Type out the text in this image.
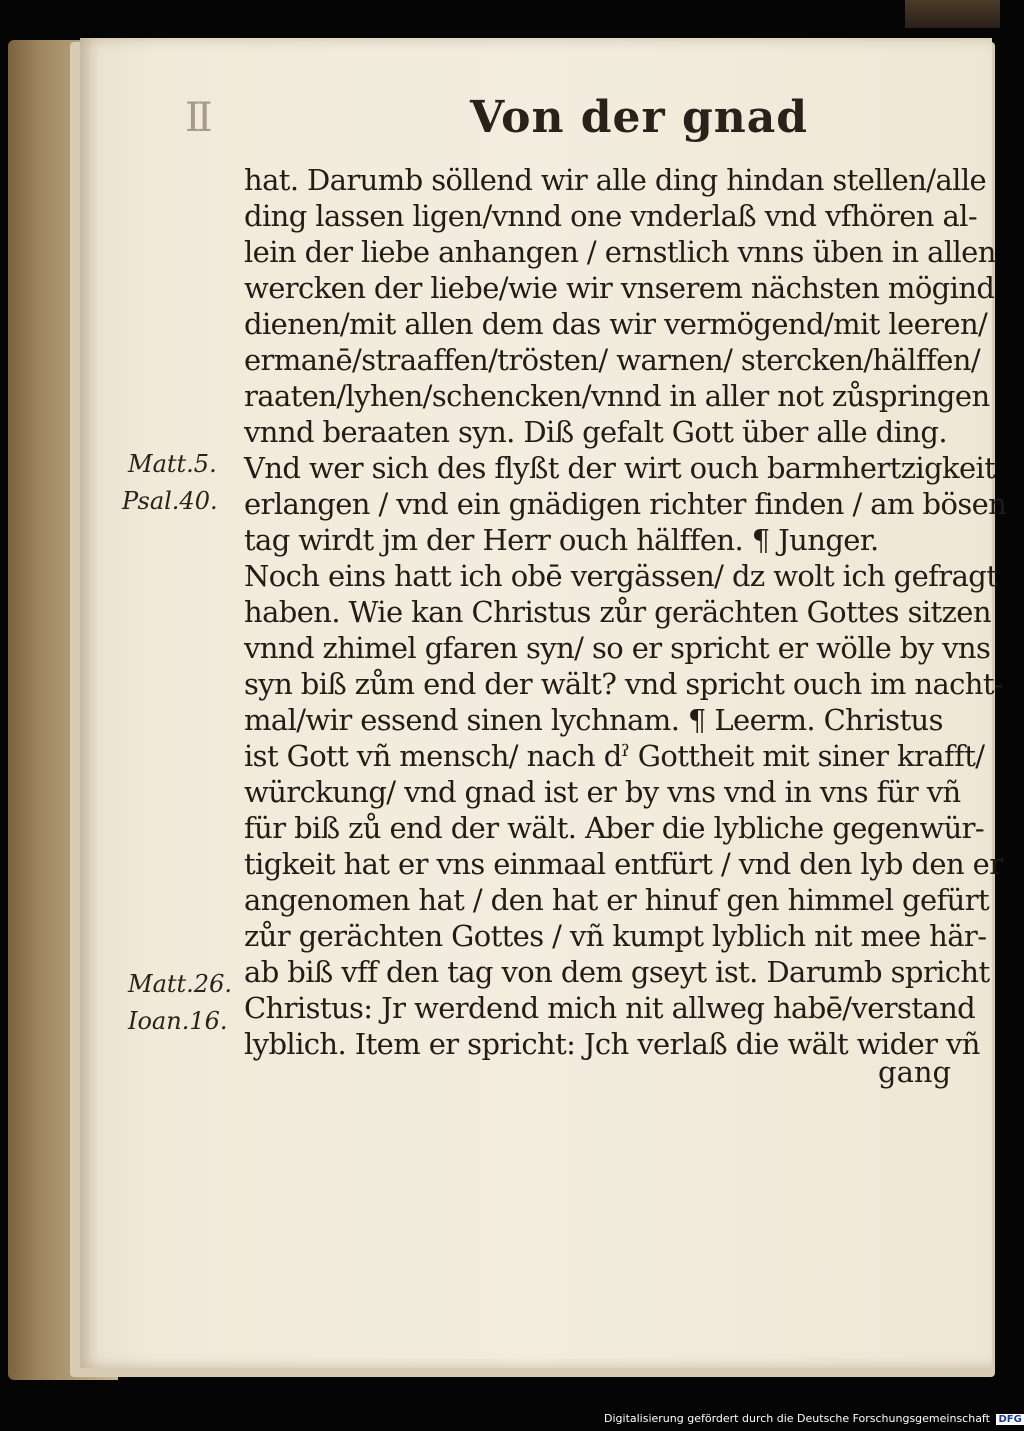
II	Von der gnad
hat. Darumb söllend wir alle ding hindan stellen/alle
ding lassen ligen/vnnd one vnderlaß vnd vfhören al-
lein der liebe anhangen / ernstlich vnns üben in allen
wercken der liebe/wie wir vnserem nächsten mögind
dienen/mit allen dem das wir vermögend/mit leeren/
ermanē/straaffen/trösten/ warnen/ stercken/hälffen/
raaten/lyhen/schencken/vnnd in aller not zůspringen
vnnd beraaten syn. Diß gefalt Gott über alle ding.
Vnd wer sich des flyßt der wirt ouch barmhertzigkeit
erlangen / vnd ein gnädigen richter finden / am bösen
tag wirdt jm der Herr ouch hälffen. ¶ Junger.
Noch eins hatt ich obē vergässen/ dz wolt ich gefragt
haben. Wie kan Christus zůr gerächten Gottes sitzen
vnnd zhimel gfaren syn/ so er spricht er wölle by vns
syn biß zům end der wält? vnd spricht ouch im nacht-
mal/wir essend sinen lychnam. ¶ Leerm. Christus
ist Gott vñ mensch/ nach dˀ Gottheit mit siner krafft/
würckung/ vnd gnad ist er by vns vnd in vns für vñ
für biß zů end der wält. Aber die lybliche gegenwür-
tigkeit hat er vns einmaal entfürt / vnd den lyb den er
angenomen hat / den hat er hinuf gen himmel gefürt
zůr gerächten Gottes / vñ kumpt lyblich nit mee här-
ab biß vff den tag von dem gseyt ist. Darumb spricht
Christus: Jr werdend mich nit allweg habē/verstand
lyblich. Item er spricht: Jch verlaß die wält wider vñ
gang
Matt.5.
Psal.40.
Matt.26.
Ioan.16.
Digitalisierung gefördert durch die Deutsche Forschungsgemeinschaft DFG
